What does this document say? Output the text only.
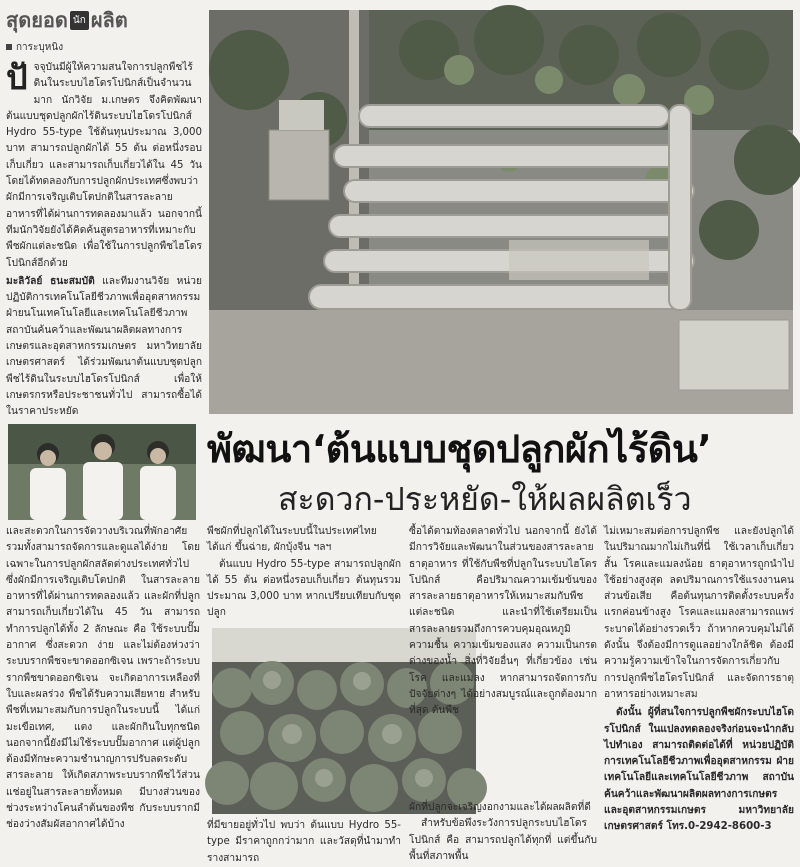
สุดยอด นัก ผลิต
การะบุหนิง
ปั จจุบันมีผู้ให้ความสนใจการปลูกพืชไร้ดินในระบบไฮโดรโปนิกส์เป็นจำนวนมาก นักวิจัย ม.เกษตร จึงคิดพัฒนาต้นแบบชุดปลูกผักไร้ดินระบบไฮโดรโปนิกส์ Hydro 55-type ใช้ต้นทุนประมาณ 3,000 บาท สามารถปลูกผักได้ 55 ต้น ต่อหนึ่งรอบเก็บเกี่ยว และสามารถเก็บเกี่ยวได้ใน 45 วัน โดยได้ทดลองกับการปลูกผักประเทศซึ่งพบว่าผักมีการเจริญเติบโตปกติในสารละลายอาหารที่ได้ผ่านการทดลองมาแล้ว นอกจากนี้ ทีมนักวิจัยยังได้คิดค้นสูตรอาหารที่เหมาะกับพืชผักแต่ละชนิด เพื่อใช้ในการปลูกพืชไฮโดรโปนิกส์อีกด้วย
มะลิวัลย์ ธนะสมบัติ และทีมงานวิจัย หน่วยปฏิบัติการเทคโนโลยีชีวภาพเพื่ออุตสาหกรรม ฝ่ายนโนเทคโนโลยีและเทคโนโลยีชีวภาพ สถาบันค้นคว้าและพัฒนาผลิตผลทางการเกษตรและอุตสาหกรรมเกษตร มหาวิทยาลัยเกษตรศาสตร์ ได้ร่วมพัฒนาต้นแบบชุดปลูกพืชไร้ดินในระบบไฮโดรโปนิกส์ เพื่อให้เกษตรกรหรือประชาชนทั่วไป สามารถซื้อได้ในราคาประหยัด
พัฒนา‘ต้นแบบชุดปลูกผักไร้ดิน’
สะดวก-ประหยัด-ให้ผลผลิตเร็ว
และสะดวกในการจัดวางบริเวณที่พักอาศัย รวมทั้งสามารถจัดการและดูแลได้ง่าย โดยเฉพาะในการปลูกผักสลัดต่างประเทศทั่วไป ซึ่งผักมีการเจริญเติบโตปกติ ในสารละลายอาหารที่ได้ผ่านการทดลองแล้ว และผักที่ปลูกสามารถเก็บเกี่ยวได้ใน 45 วัน สามารถทำการปลูกได้ทั้ง 2 ลักษณะ คือ ใช้ระบบปั๊มอากาศ ซึ่งสะดวก ง่าย และไม่ต้องห่วงว่าระบบรากพืชจะขาดออกซิเจน เพราะถ้าระบบรากพืชขาดออกซิเจน จะเกิดอาการเหลืองที่ใบและผลร่วง พืชได้รับความเสียหาย สำหรับพืชที่เหมาะสมกับการปลูกในระบบนี้ ได้แก่ มะเขือเทศ, แตง และผักกินใบทุกชนิด นอกจากนี้ยังมีไม่ใช้ระบบปั๊มอากาศ แต่ผู้ปลูกต้องมีทักษะความชำนาญการปรับลดระดับสารละลาย ให้เกิดสภาพระบบรากพืชไว้ส่วนแช่อยู่ในสารละลายทั้งหมด มีบางส่วนของช่วงระหว่างโคนลำต้นของพืช กับระบบรากมีช่องว่างสัมผัสอากาศได้บ้าง
พืชผักที่ปลูกได้ในระบบนี้ในประเทศไทย ได้แก่ ขึ้นฉ่าย, ผักบุ้งจีน ฯลฯ
ต้นแบบ Hydro 55-type สามารถปลูกผักได้ 55 ต้น ต่อหนึ่งรอบเก็บเกี่ยว ต้นทุนรวมประมาณ 3,000 บาท หากเปรียบเทียบกับชุดปลูก
ที่มีขายอยู่ทั่วไป พบว่า ต้นแบบ Hydro 55-type มีราคาถูกกว่ามาก และวัสดุที่นำมาทำรางสามารถ
ซื้อได้ตามท้องตลาดทั่วไป นอกจากนี้ ยังได้มีการวิจัยและพัฒนาในส่วนของสารละลายธาตุอาหาร ที่ใช้กับพืชที่ปลูกในระบบไฮโดรโปนิกส์ คือปริมาณความเข้มข้นของสารละลายธาตุอาหารให้เหมาะสมกับพืชแต่ละชนิด และนำที่ใช้เตรียมเป็นสารละลายรวมถึงการควบคุมอุณหภูมิ ความชื้น ความเข้มของแสง ความเป็นกรดด่างของน้ำ สิ่งที่วิจัยอื่นๆ ที่เกี่ยวข้อง เช่น โรค และแมลง หากสามารถจัดการกับปัจจัยต่างๆ ได้อย่างสมบูรณ์และถูกต้องมากที่สุด ต้นพืช
ผักที่ปลูกจะเจริญงอกงามและได้ผลผลิตที่ดี
สำหรับข้อพึงระวังการปลูกระบบไฮโดรโปนิกส์ คือ สามารถปลูกได้ทุกที่ แต่ขึ้นกับพื้นที่สภาพพื้น
ไม่เหมาะสมต่อการปลูกพืช และยังปลูกได้ในปริมาณมากไม่เกินที่นี่ ใช้เวลาเก็บเกี่ยวสั้น โรคและแมลงน้อย ธาตุอาหารถูกนำไปใช้อย่างสูงสุด ลดปริมาณการใช้แรงงานคน ส่วนข้อเสีย คือต้นทุนการติดตั้งระบบครั้งแรกค่อนข้างสูง โรคและแมลงสามารถแพร่ระบาดได้อย่างรวดเร็ว ถ้าหากควบคุมไม่ได้ ดังนั้น จึงต้องมีการดูแลอย่างใกล้ชิด ต้องมีความรู้ความเข้าใจในการจัดการเกี่ยวกับการปลูกพืชไฮโดรโปนิกส์ และจัดการธาตุอาหารอย่างเหมาะสม
ดังนั้น ผู้ที่สนใจการปลูกพืชผักระบบไฮโดรโปนิกส์ ในแปลงทดลองจริงก่อนจะนำกลับไปทำเอง สามารถติดต่อได้ที่ หน่วยปฏิบัติการเทคโนโลยีชีวภาพเพื่ออุตสาหกรรม ฝ่ายเทคโนโลยีและเทคโนโลยีชีวภาพ สถาบันค้นคว้าและพัฒนาผลิตผลทางการเกษตรและอุตสาหกรรมเกษตร มหาวิทยาลัยเกษตรศาสตร์ โทร.0-2942-8600-3
